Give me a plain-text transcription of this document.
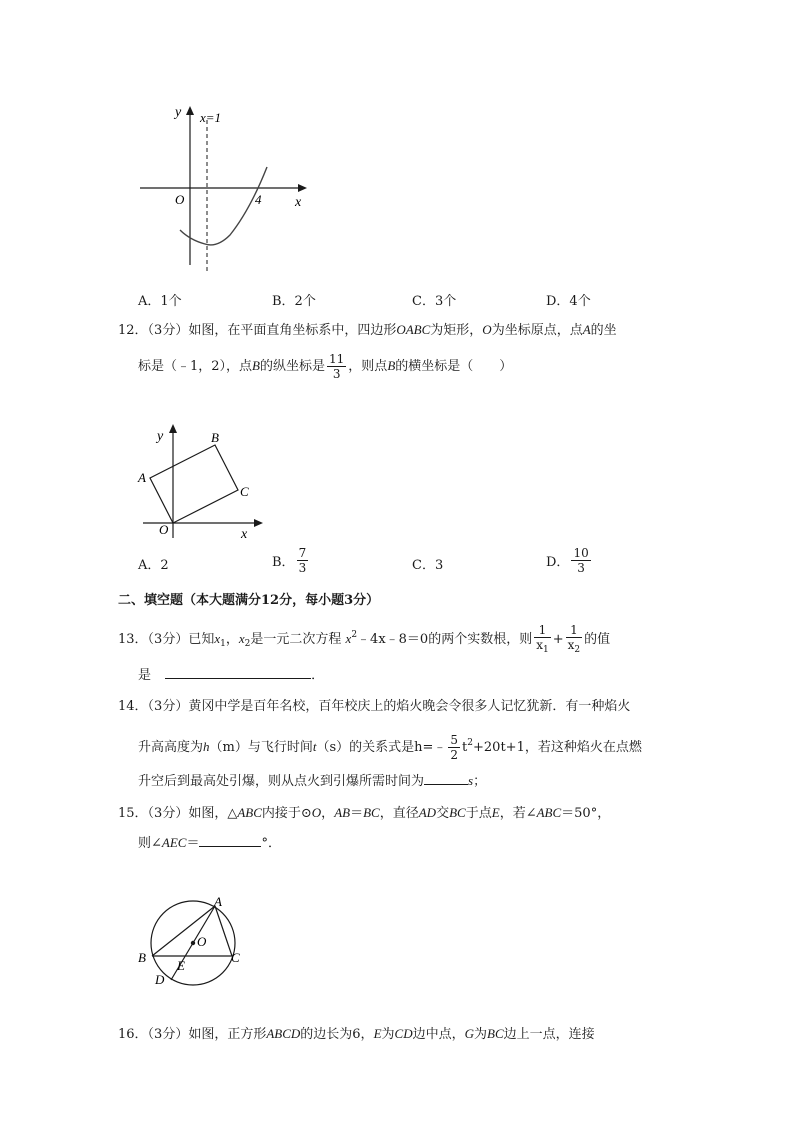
y x=1
O	4 x
A．1个	B．2个	C．3个	D．4个
12．（3分）如图，在平面直角坐标系中，四边形OABC为矩形，O为坐标原点，点A的坐
标是（﹣1，2），点B的纵坐标是 $\frac{11}{3}$ ，则点B的横坐标是（　　）
y	B
A
C
O	x
A．2	B． $\frac{7}{3}$	C．3	D． $\frac{10}{3}$
二、填空题（本大题满分12分，每小题3分）
13．（3分）已知$x_1$，$x_2$是一元二次方程 $x^2﹣4x﹣8=0$的两个实数根，则 $\frac{1}{x_1} + \frac{1}{x_2}$ 的值
是	．
14．（3分）黄冈中学是百年名校，百年校庆上的焰火晚会令很多人记忆犹新．有一种焰火
升高高度为h（m）与飞行时间t（s）的关系式是h=﹣ $\frac{5}{2} t^2+20t+1$，若这种焰火在点燃
升空后到最高处引爆，则从点火到引爆所需时间为	s；
15．（3分）如图，△ABC内接于⊙O，AB＝BC，直径AD交BC于点E，若∠ABC＝50°，
则∠AEC＝	°．
A
O
B	C
E
D
16．（3分）如图，正方形ABCD的边长为6，E为CD边中点，G为BC边上一点，连接
